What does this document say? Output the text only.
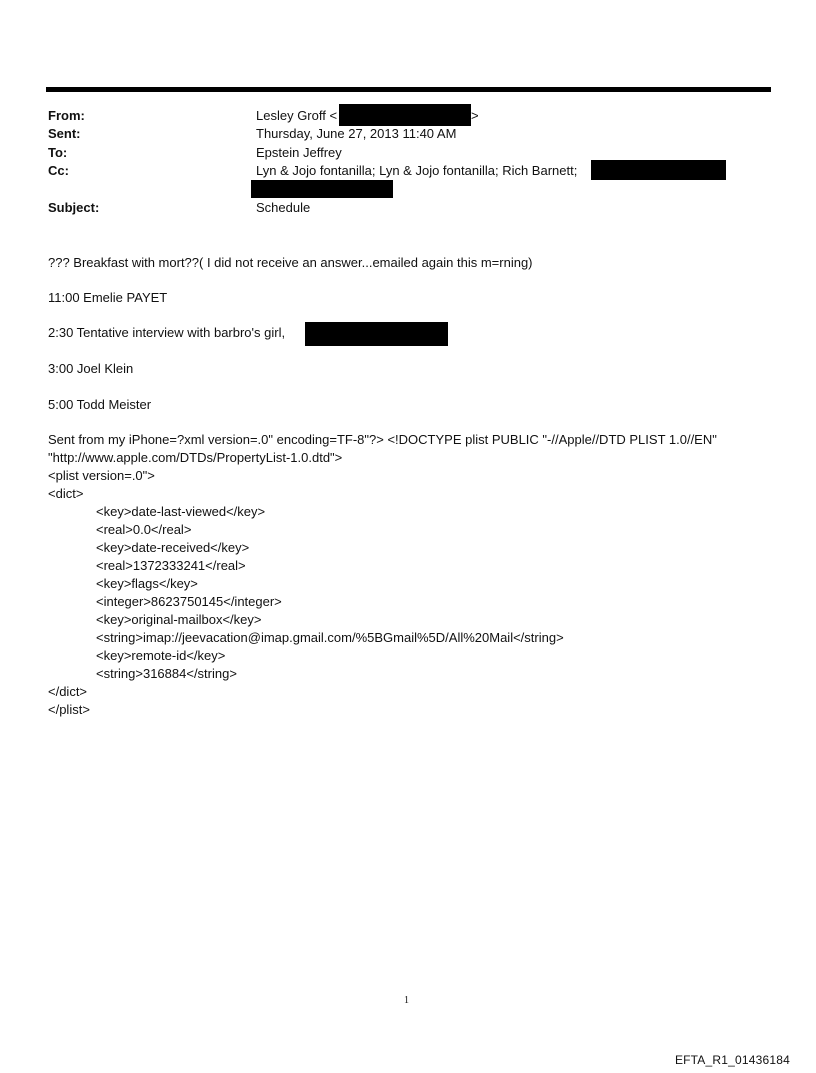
From:	Lesley Groff <	>
Sent:	Thursday, June 27, 2013 11:40 AM
To:	Epstein Jeffrey
Cc:	Lyn & Jojo fontanilla; Lyn & Jojo fontanilla; Rich Barnett;
Subject:	Schedule
??? Breakfast with mort??( I did not receive an answer...emailed again this m=rning)
11:00 Emelie PAYET
2:30 Tentative interview with barbro's girl,
3:00 Joel Klein
5:00 Todd Meister
Sent from my iPhone=?xml version=.0" encoding=TF-8"?> <!DOCTYPE plist PUBLIC "-//Apple//DTD PLIST 1.0//EN"
"http://www.apple.com/DTDs/PropertyList-1.0.dtd">
<plist version=.0">
<dict>
<key>date-last-viewed</key>
<real>0.0</real>
<key>date-received</key>
<real>1372333241</real>
<key>flags</key>
<integer>8623750145</integer>
<key>original-mailbox</key>
<string>imap://jeevacation@imap.gmail.com/%5BGmail%5D/All%20Mail</string>
<key>remote-id</key>
<string>316884</string>
</dict>
</plist>
1
EFTA_R1_01436184
